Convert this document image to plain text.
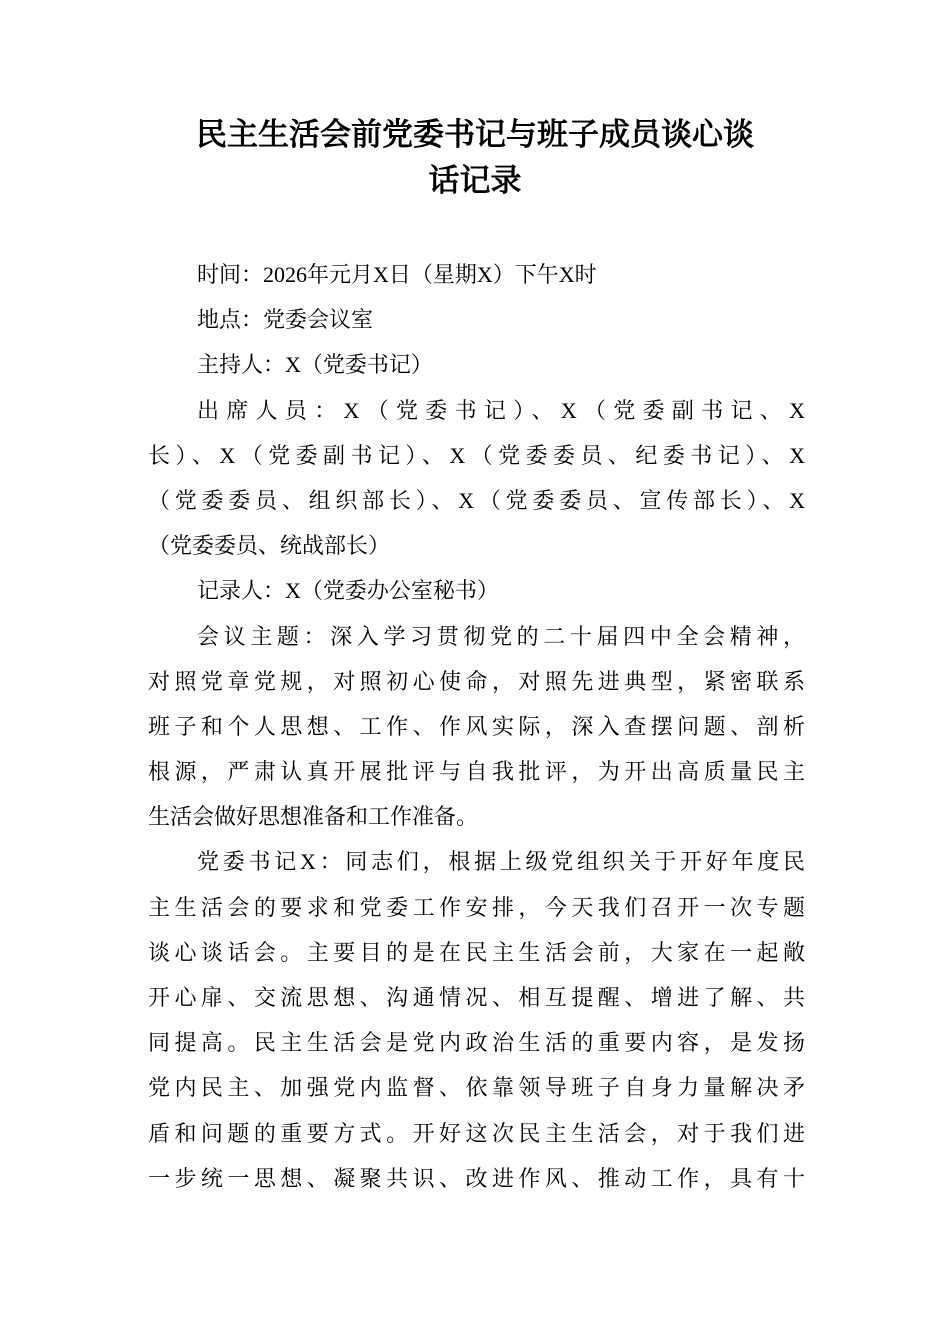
民主生活会前党委书记与班子成员谈心谈
话记录
时间：2026年元月X日（星期X）下午X时
地点：党委会议室
主持人：X（党委书记）
出席人员：X（党委书记）、X（党委副书记、X
长）、X（党委副书记）、X（党委委员、纪委书记）、X
（党委委员、组织部长）、X（党委委员、宣传部长）、X
（党委委员、统战部长）
记录人：X（党委办公室秘书）
会议主题：深入学习贯彻党的二十届四中全会精神，
对照党章党规，对照初心使命，对照先进典型，紧密联系
班子和个人思想、工作、作风实际，深入查摆问题、剖析
根源，严肃认真开展批评与自我批评，为开出高质量民主
生活会做好思想准备和工作准备。
党委书记X：同志们，根据上级党组织关于开好年度民
主生活会的要求和党委工作安排，今天我们召开一次专题
谈心谈话会。主要目的是在民主生活会前，大家在一起敞
开心扉、交流思想、沟通情况、相互提醒、增进了解、共
同提高。民主生活会是党内政治生活的重要内容，是发扬
党内民主、加强党内监督、依靠领导班子自身力量解决矛
盾和问题的重要方式。开好这次民主生活会，对于我们进
一步统一思想、凝聚共识、改进作风、推动工作，具有十
